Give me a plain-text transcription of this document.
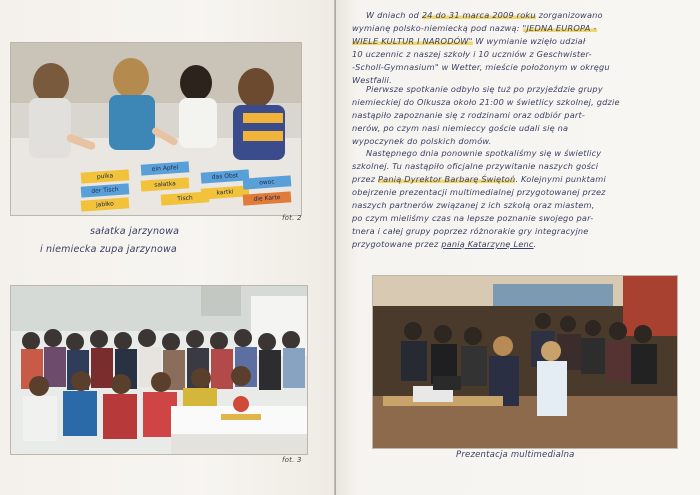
pulka
der Tisch
jabłko
ein Apfel
sałatka
das Obst
kartki
die Karte
owoc
Tisch
fot. 2
sałatka jarzynowa
i niemiecka zupa jarzynowa
fot. 3
W dniach od 24 do 31 marca 2009 roku zorganizowano
wymianę polsko-niemiecką pod nazwą: "JEDNA EUROPA -
WIELE KULTUR I NARODÓW" W wymianie wzięło udział
10 uczennic z naszej szkoły i 10 uczniów z Geschwister-
-Scholl-Gymnasium" w Wetter, mieście położonym w okręgu
Westfalii.
Pierwsze spotkanie odbyło się tuż po przyjeździe grupy
niemieckiej do Olkusza około 21:00 w świetlicy szkolnej, gdzie
nastąpiło zapoznanie się z rodzinami oraz odbiór part-
nerów, po czym nasi niemieccy goście udali się na
wypoczynek do polskich domów.
Następnego dnia ponownie spotkaliśmy się w świetlicy
szkolnej. Tu nastąpiło oficjalne przywitanie naszych gości
przez Panią Dyrektor Barbarę Świętoń. Kolejnymi punktami
obejrzenie prezentacji multimedialnej przygotowanej przez
naszych partnerów związanej z ich szkołą oraz miastem,
po czym mieliśmy czas na lepsze poznanie swojego par-
tnera i całej grupy poprzez różnorakie gry integracyjne
przygotowane przez panią Katarzynę Lenc.
Prezentacja multimedialna
